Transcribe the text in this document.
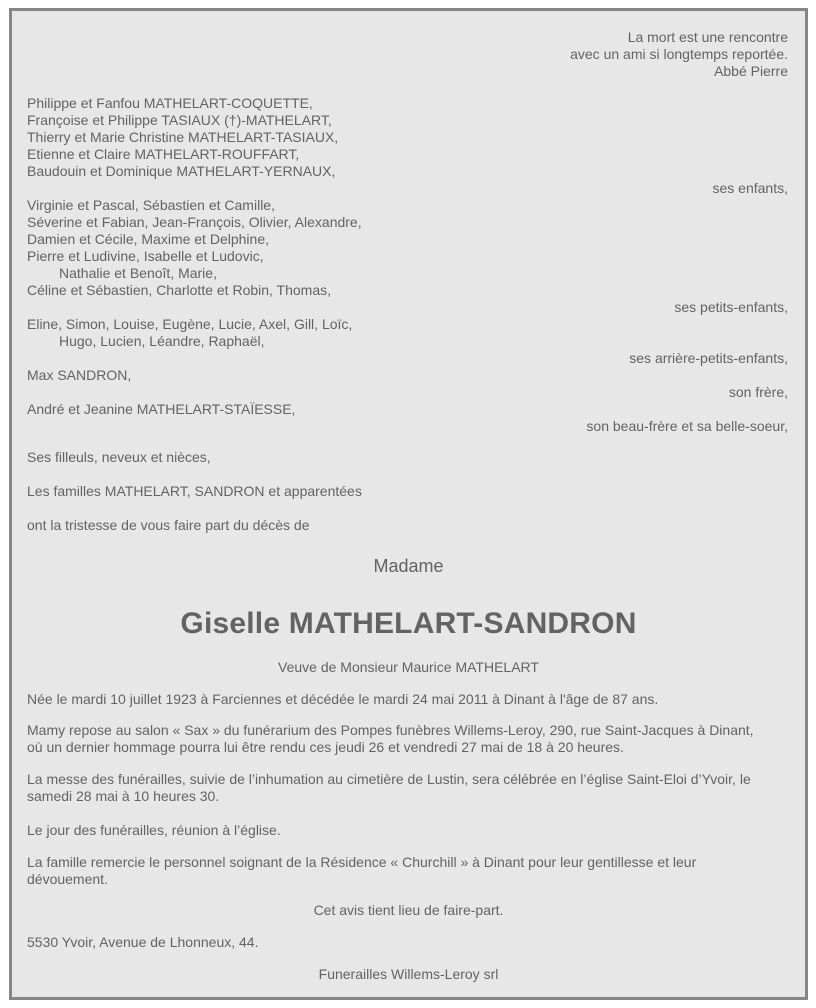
La mort est une rencontre
avec un ami si longtemps reportée.
Abbé Pierre
Philippe et Fanfou MATHELART-COQUETTE,
Françoise et Philippe TASIAUX (†)-MATHELART,
Thierry et Marie Christine MATHELART-TASIAUX,
Etienne et Claire MATHELART-ROUFFART,
Baudouin et Dominique MATHELART-YERNAUX,
ses enfants,
Virginie et Pascal, Sébastien et Camille,
Séverine et Fabian, Jean-François, Olivier, Alexandre,
Damien et Cécile, Maxime et Delphine,
Pierre et Ludivine, Isabelle et Ludovic,
Nathalie et Benoît, Marie,
Céline et Sébastien, Charlotte et Robin, Thomas,
ses petits-enfants,
Eline, Simon, Louise, Eugène, Lucie, Axel, Gill, Loïc,
Hugo, Lucien, Léandre, Raphaël,
ses arrière-petits-enfants,
Max SANDRON,
son frère,
André et Jeanine MATHELART-STAÏESSE,
son beau-frère et sa belle-soeur,
Ses filleuls, neveux et nièces,
Les familles MATHELART, SANDRON et apparentées
ont la tristesse de vous faire part du décès de
Madame
Giselle MATHELART-SANDRON
Veuve de Monsieur Maurice MATHELART
Née le mardi 10 juillet 1923 à Farciennes et décédée le mardi 24 mai 2011 à Dinant à l'âge de 87 ans.
Mamy repose au salon « Sax » du funérarium des Pompes funèbres Willems-Leroy, 290, rue Saint-Jacques à Dinant,
où un dernier hommage pourra lui être rendu ces jeudi 26 et vendredi 27 mai de 18 à 20 heures.
La messe des funérailles, suivie de l’inhumation au cimetière de Lustin, sera célébrée en l’église Saint-Eloi d’Yvoir, le
samedi 28 mai à 10 heures 30.
Le jour des funérailles, réunion à l’église.
La famille remercie le personnel soignant de la Résidence « Churchill » à Dinant pour leur gentillesse et leur
dévouement.
Cet avis tient lieu de faire-part.
5530 Yvoir, Avenue de Lhonneux, 44.
Funerailles Willems-Leroy srl
